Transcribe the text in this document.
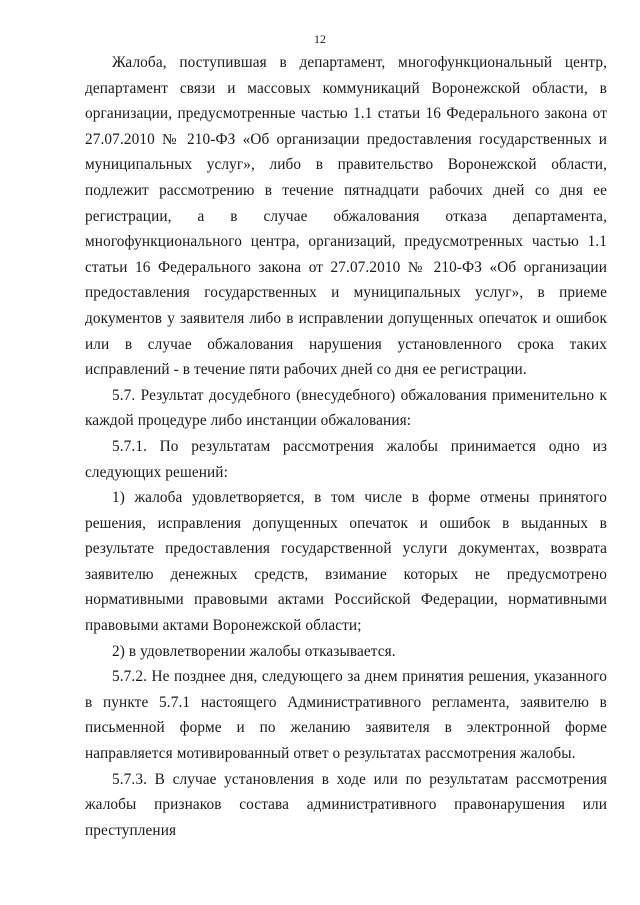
12

Жалоба, поступившая в департамент, многофункциональный центр, департамент связи и массовых коммуникаций Воронежской области, в организации, предусмотренные частью 1.1 статьи 16 Федерального закона от 27.07.2010 № 210-ФЗ «Об организации предоставления государственных и муниципальных услуг», либо в правительство Воронежской области, подлежит рассмотрению в течение пятнадцати рабочих дней со дня ее регистрации, а в случае обжалования отказа департамента, многофункционального центра, организаций, предусмотренных частью 1.1 статьи 16 Федерального закона от 27.07.2010 № 210-ФЗ «Об организации предоставления государственных и муниципальных услуг», в приеме документов у заявителя либо в исправлении допущенных опечаток и ошибок или в случае обжалования нарушения установленного срока таких исправлений - в течение пяти рабочих дней со дня ее регистрации.

5.7. Результат досудебного (внесудебного) обжалования применительно к каждой процедуре либо инстанции обжалования:

5.7.1. По результатам рассмотрения жалобы принимается одно из следующих решений:

1) жалоба удовлетворяется, в том числе в форме отмены принятого решения, исправления допущенных опечаток и ошибок в выданных в результате предоставления государственной услуги документах, возврата заявителю денежных средств, взимание которых не предусмотрено нормативными правовыми актами Российской Федерации, нормативными правовыми актами Воронежской области;

2) в удовлетворении жалобы отказывается.

5.7.2. Не позднее дня, следующего за днем принятия решения, указанного в пункте 5.7.1 настоящего Административного регламента, заявителю в письменной форме и по желанию заявителя в электронной форме направляется мотивированный ответ о результатах рассмотрения жалобы.

5.7.3. В случае установления в ходе или по результатам рассмотрения жалобы признаков состава административного правонарушения или преступления
